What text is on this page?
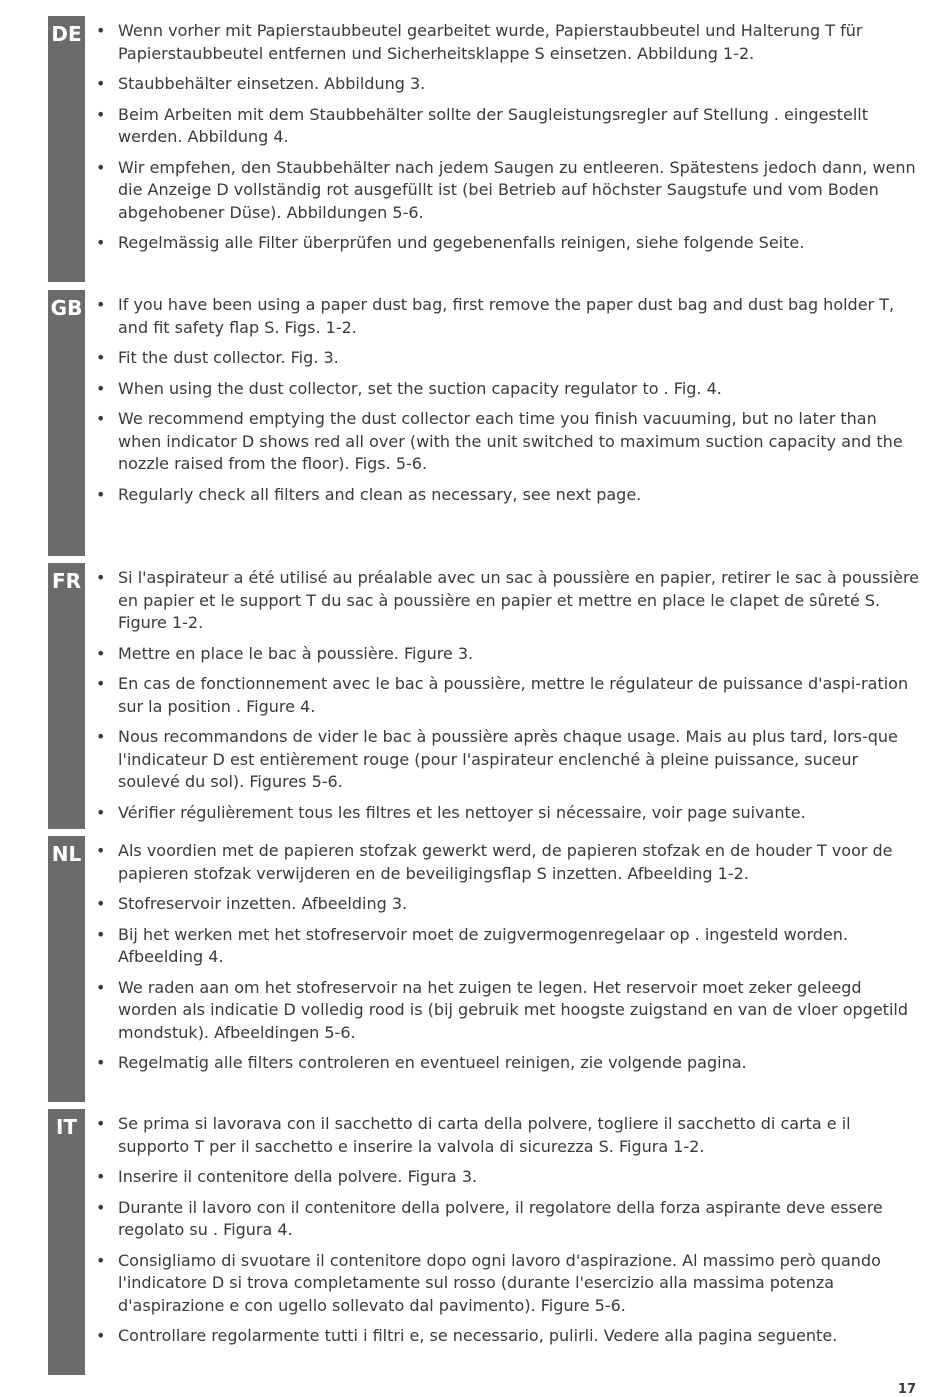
DE	• Wenn vorher mit Papierstaubbeutel gearbeitet wurde, Papierstaubbeutel und Halterung T für Papierstaubbeutel entfernen und Sicherheitsklappe S einsetzen. Abbildung 1-2.
• Staubbehälter einsetzen. Abbildung 3.
• Beim Arbeiten mit dem Staubbehälter sollte der Saugleistungsregler auf Stellung . eingestellt werden. Abbildung 4.
• Wir empfehen, den Staubbehälter nach jedem Saugen zu entleeren. Spätestens jedoch dann, wenn die Anzeige D vollständig rot ausgefüllt ist (bei Betrieb auf höchster Saugstufe und vom Boden abgehobener Düse). Abbildungen 5-6.
• Regelmässig alle Filter überprüfen und gegebenenfalls reinigen, siehe folgende Seite.
GB	• If you have been using a paper dust bag, first remove the paper dust bag and dust bag holder T, and fit safety flap S. Figs. 1-2.
• Fit the dust collector. Fig. 3.
• When using the dust collector, set the suction capacity regulator to . Fig. 4.
• We recommend emptying the dust collector each time you finish vacuuming, but no later than when indicator D shows red all over (with the unit switched to maximum suction capacity and the nozzle raised from the floor). Figs. 5-6.
• Regularly check all filters and clean as necessary, see next page.
FR	• Si l'aspirateur a été utilisé au préalable avec un sac à poussière en papier, retirer le sac à poussière en papier et le support T du sac à poussière en papier et mettre en place le clapet de sûreté S. Figure 1-2.
• Mettre en place le bac à poussière. Figure 3.
• En cas de fonctionnement avec le bac à poussière, mettre le régulateur de puissance d'aspi-ration sur la position . Figure 4.
• Nous recommandons de vider le bac à poussière après chaque usage. Mais au plus tard, lors-que l'indicateur D est entièrement rouge (pour l'aspirateur enclenché à pleine puissance, suceur soulevé du sol). Figures 5-6.
• Vérifier régulièrement tous les filtres et les nettoyer si nécessaire, voir page suivante.
NL	• Als voordien met de papieren stofzak gewerkt werd, de papieren stofzak en de houder T voor de papieren stofzak verwijderen en de beveiligingsflap S inzetten. Afbeelding 1-2.
• Stofreservoir inzetten. Afbeelding 3.
• Bij het werken met het stofreservoir moet de zuigvermogenregelaar op . ingesteld worden. Afbeelding 4.
• We raden aan om het stofreservoir na het zuigen te legen. Het reservoir moet zeker geleegd worden als indicatie D volledig rood is (bij gebruik met hoogste zuigstand en van de vloer opgetild mondstuk). Afbeeldingen 5-6.
• Regelmatig alle filters controleren en eventueel reinigen, zie volgende pagina.
IT	• Se prima si lavorava con il sacchetto di carta della polvere, togliere il sacchetto di carta e il supporto T per il sacchetto e inserire la valvola di sicurezza S. Figura 1-2.
• Inserire il contenitore della polvere. Figura 3.
• Durante il lavoro con il contenitore della polvere, il regolatore della forza aspirante deve essere regolato su . Figura 4.
• Consigliamo di svuotare il contenitore dopo ogni lavoro d'aspirazione. Al massimo però quando l'indicatore D si trova completamente sul rosso (durante l'esercizio alla massima potenza d'aspirazione e con ugello sollevato dal pavimento). Figure 5-6.
• Controllare regolarmente tutti i filtri e, se necessario, pulirli. Vedere alla pagina seguente.
17
